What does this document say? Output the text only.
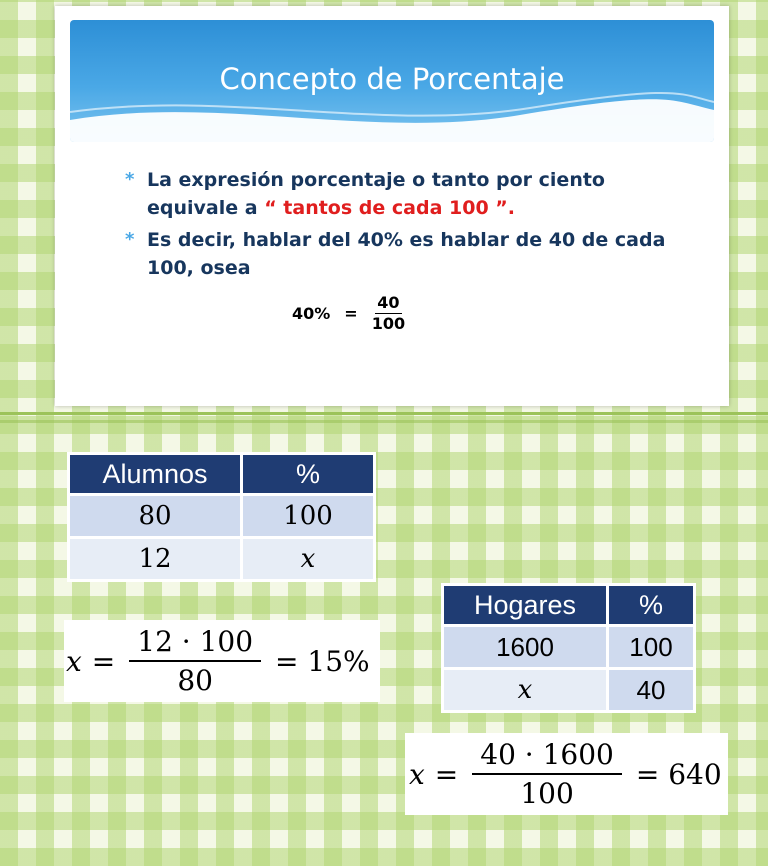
Concepto de Porcentaje
* La expresión porcentaje o tanto por ciento equivale a “ tantos de cada 100 ”.
* Es decir, hablar del 40% es hablar de 40 de cada 100, osea
$40\% = \frac{40}{100}$
Alumnos	%
80	100
12	x
$x = \frac{12 \cdot 100}{80} = 15\%$
Hogares	%
1600	100
x	40
$x = \frac{40 \cdot 1600}{100} = 640$
